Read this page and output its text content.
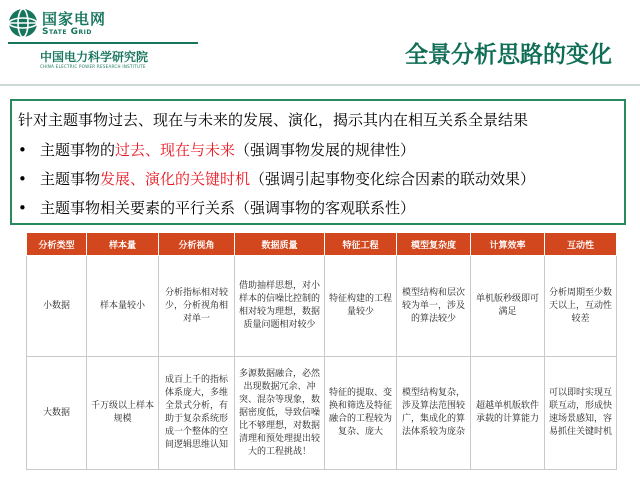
国家电网
State Grid
中国电力科学研究院
CHINA ELECTRIC POWER RESEARCH INSTITUTE	全景分析思路的变化
针对主题事物过去、现在与未来的发展、演化，揭示其内在相互关系全景结果
• 主题事物的过去、现在与未来（强调事物发展的规律性）
• 主题事物发展、演化的关键时机（强调引起事物变化综合因素的联动效果）
• 主题事物相关要素的平行关系（强调事物的客观联系性）
分析类型	样本量	分析视角	数据质量	特征工程	模型复杂度	计算效率	互动性
小数据	样本量较小	分析指标相对较少，分析视角相对单一	借助抽样思想，对小样本的信噪比控制的相对较为理想，数据质量问题相对较少	特征构建的工程量较少	模型结构和层次较为单一，涉及的算法较少	单机版秒级即可满足	分析周期至少数天以上，互动性较差
大数据	千万级以上样本规模	成百上千的指标体系庞大，多维全景式分析，有助于复杂系统形成一个整体的空间逻辑思维认知	多源数据融合，必然出现数据冗余、冲突、混杂等现象，数据密度低，导致信噪比不够理想，对数据清理和预处理提出较大的工程挑战！	特征的提取、变换和筛选及特征融合的工程较为复杂、庞大	模型结构复杂，涉及算法范围较广，集成化的算法体系较为庞杂	超越单机版软件承载的计算能力	可以即时实现互联互动，形成快速场景感知，容易抓住关键时机
